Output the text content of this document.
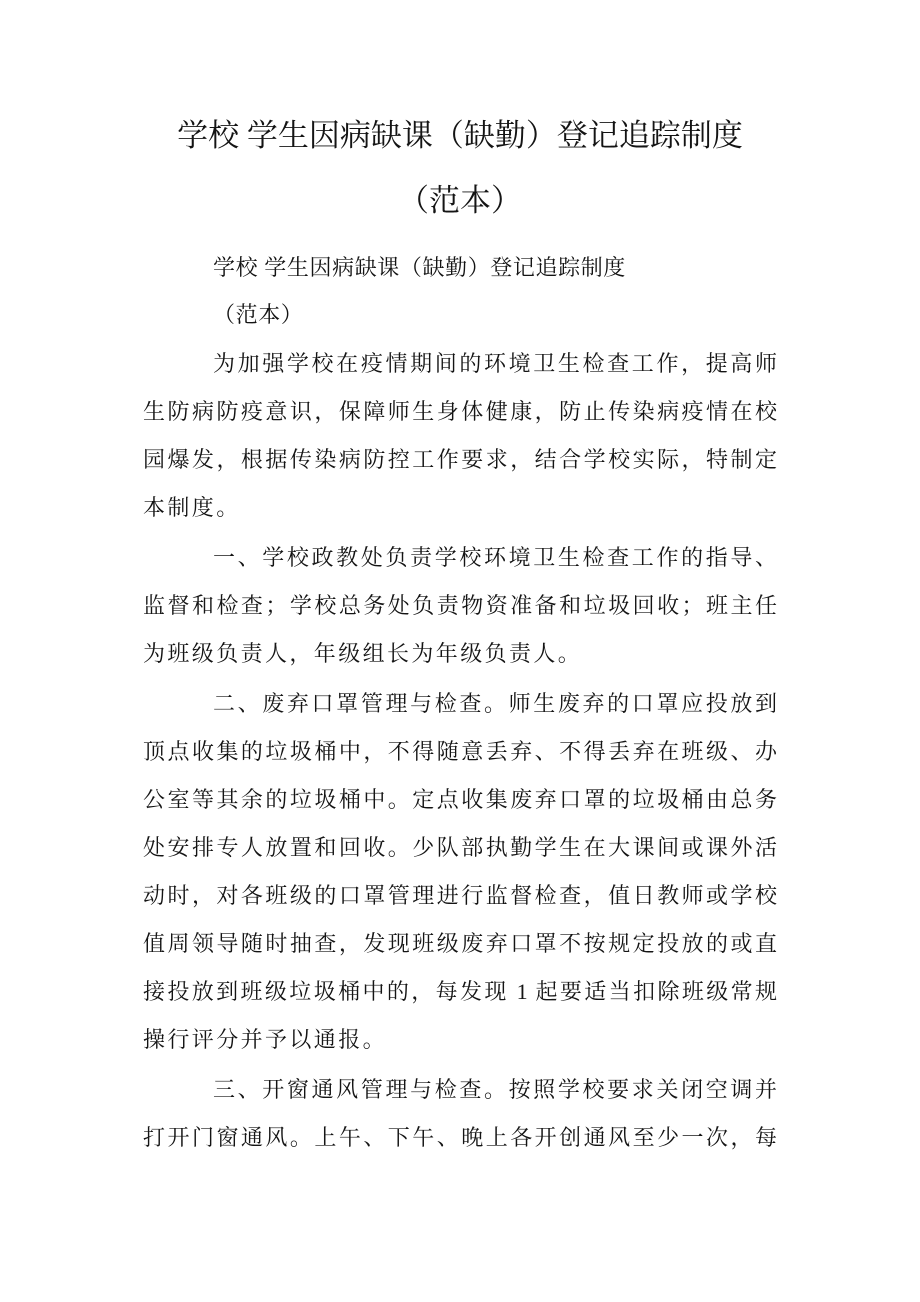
学校 学生因病缺课（缺勤）登记追踪制度
（范本）
学校 学生因病缺课（缺勤）登记追踪制度
（范本）
为加强学校在疫情期间的环境卫生检查工作，提高师
生防病防疫意识，保障师生身体健康，防止传染病疫情在校
园爆发，根据传染病防控工作要求，结合学校实际，特制定
本制度。
一、学校政教处负责学校环境卫生检查工作的指导、
监督和检查；学校总务处负责物资准备和垃圾回收；班主任
为班级负责人，年级组长为年级负责人。
二、废弃口罩管理与检查。师生废弃的口罩应投放到
顶点收集的垃圾桶中，不得随意丢弃、不得丢弃在班级、办
公室等其余的垃圾桶中。定点收集废弃口罩的垃圾桶由总务
处安排专人放置和回收。少队部执勤学生在大课间或课外活
动时，对各班级的口罩管理进行监督检查，值日教师或学校
值周领导随时抽查，发现班级废弃口罩不按规定投放的或直
接投放到班级垃圾桶中的，每发现 1 起要适当扣除班级常规
操行评分并予以通报。
三、开窗通风管理与检查。按照学校要求关闭空调并
打开门窗通风。上午、下午、晚上各开创通风至少一次，每
